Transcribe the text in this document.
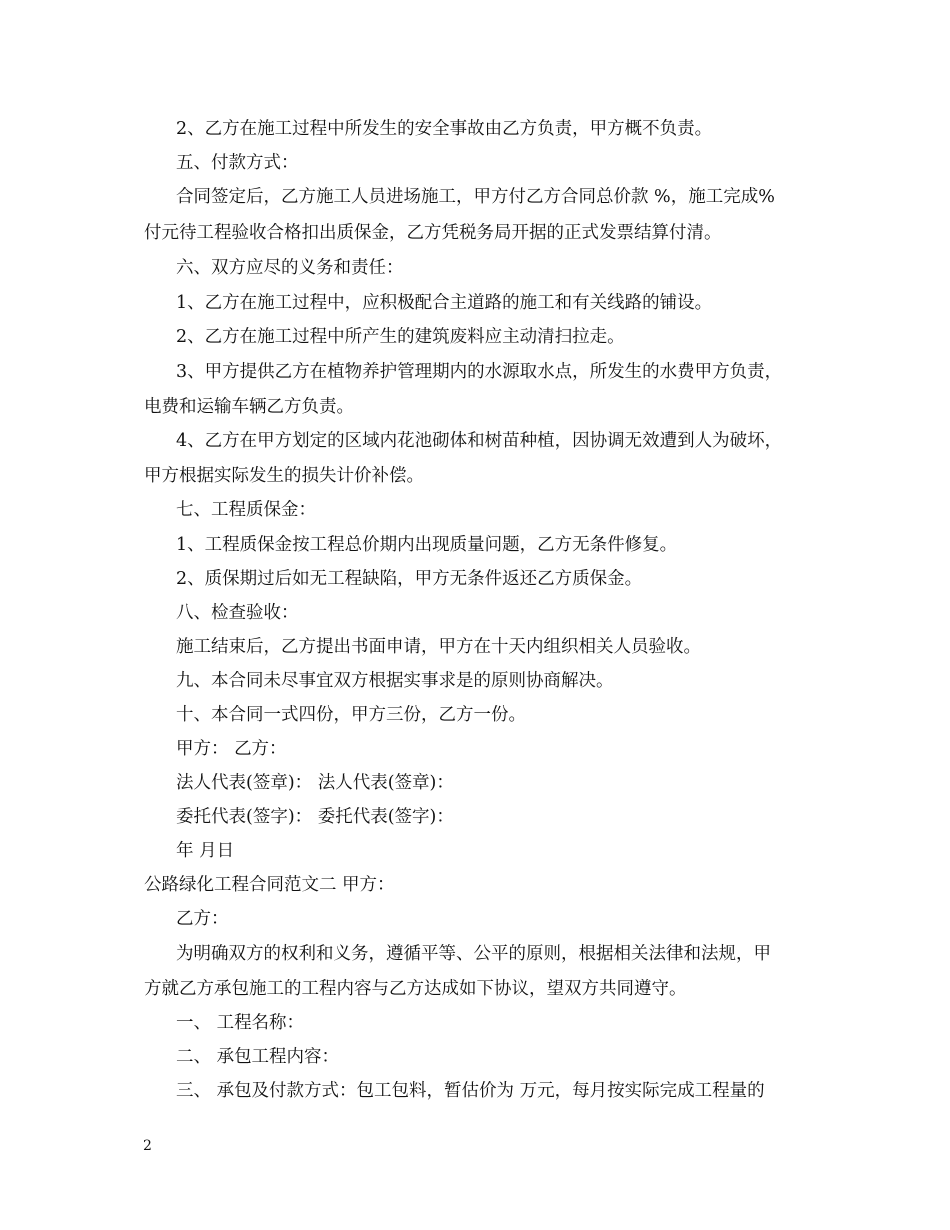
2、乙方在施工过程中所发生的安全事故由乙方负责，甲方概不负责。
五、付款方式：
合同签定后，乙方施工人员进场施工，甲方付乙方合同总价款 %，施工完成%
付元待工程验收合格扣出质保金，乙方凭税务局开据的正式发票结算付清。
六、双方应尽的义务和责任：
1、乙方在施工过程中，应积极配合主道路的施工和有关线路的铺设。
2、乙方在施工过程中所产生的建筑废料应主动清扫拉走。
3、甲方提供乙方在植物养护管理期内的水源取水点，所发生的水费甲方负责，
电费和运输车辆乙方负责。
4、乙方在甲方划定的区域内花池砌体和树苗种植，因协调无效遭到人为破坏，
甲方根据实际发生的损失计价补偿。
七、工程质保金：
1、工程质保金按工程总价期内出现质量问题，乙方无条件修复。
2、质保期过后如无工程缺陷，甲方无条件返还乙方质保金。
八、检查验收：
施工结束后，乙方提出书面申请，甲方在十天内组织相关人员验收。
九、本合同未尽事宜双方根据实事求是的原则协商解决。
十、本合同一式四份，甲方三份，乙方一份。
甲方： 乙方：
法人代表(签章)： 法人代表(签章)：
委托代表(签字)： 委托代表(签字)：
年 月日
公路绿化工程合同范文二 甲方：
乙方：
为明确双方的权利和义务，遵循平等、公平的原则，根据相关法律和法规，甲
方就乙方承包施工的工程内容与乙方达成如下协议，望双方共同遵守。
一、 工程名称：
二、 承包工程内容：
三、 承包及付款方式：包工包料，暂估价为 万元，每月按实际完成工程量的
2
